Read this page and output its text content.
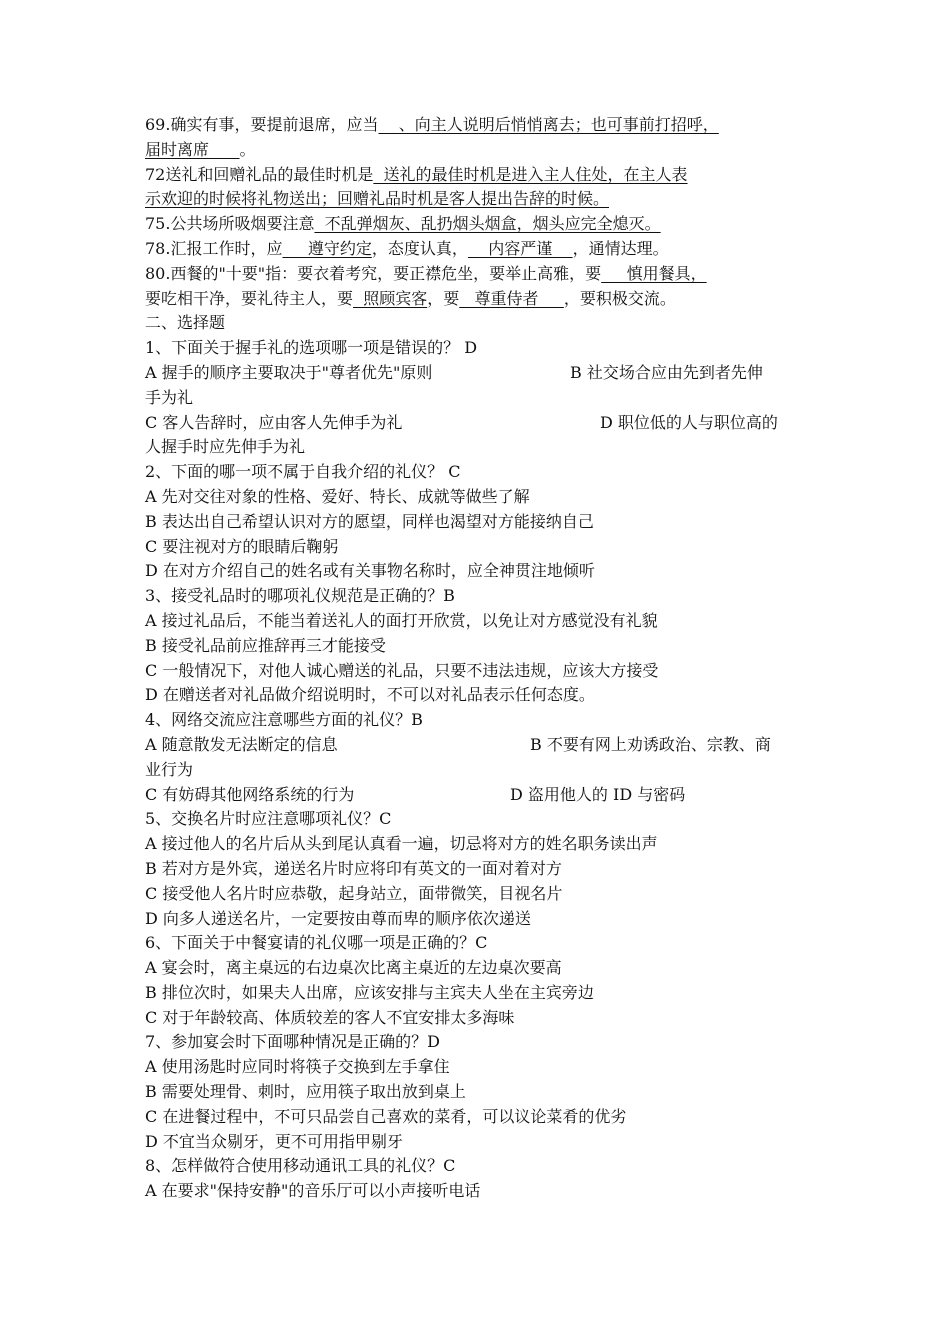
69.确实有事，要提前退席，应当 、向主人说明后悄悄离去；也可事前打招呼，
届时离席 。
72送礼和回赠礼品的最佳时机是 送礼的最佳时机是进入主人住处，在主人表
示欢迎的时候将礼物送出；回赠礼品时机是客人提出告辞的时候。
75.公共场所吸烟要注意 不乱弹烟灰、乱扔烟头烟盒，烟头应完全熄灭。
78.汇报工作时，应 遵守约定 ，态度认真， 内容严谨 ，通情达理。
80.西餐的"十要"指：要衣着考究，要正襟危坐，要举止高雅，要 慎用餐具，
要吃相干净，要礼待主人，要 照顾宾客 ，要 尊重侍者 ，要积极交流。
二、选择题
1、下面关于握手礼的选项哪一项是错误的？ D
A 握手的顺序主要取决于"尊者优先"原则	B 社交场合应由先到者先伸
手为礼
C 客人告辞时，应由客人先伸手为礼	D 职位低的人与职位高的
人握手时应先伸手为礼
2、下面的哪一项不属于自我介绍的礼仪？ C
A 先对交往对象的性格、爱好、特长、成就等做些了解
B 表达出自己希望认识对方的愿望，同样也渴望对方能接纳自己
C 要注视对方的眼睛后鞠躬
D 在对方介绍自己的姓名或有关事物名称时，应全神贯注地倾听
3、接受礼品时的哪项礼仪规范是正确的？B
A 接过礼品后，不能当着送礼人的面打开欣赏，以免让对方感觉没有礼貌
B 接受礼品前应推辞再三才能接受
C 一般情况下，对他人诚心赠送的礼品，只要不违法违规，应该大方接受
D 在赠送者对礼品做介绍说明时，不可以对礼品表示任何态度。
4、网络交流应注意哪些方面的礼仪？B
A 随意散发无法断定的信息	B 不要有网上劝诱政治、宗教、商
业行为
C 有妨碍其他网络系统的行为	D 盗用他人的 ID 与密码
5、交换名片时应注意哪项礼仪？C
A 接过他人的名片后从头到尾认真看一遍，切忌将对方的姓名职务读出声
B 若对方是外宾，递送名片时应将印有英文的一面对着对方
C 接受他人名片时应恭敬，起身站立，面带微笑，目视名片
D 向多人递送名片，一定要按由尊而卑的顺序依次递送
6、下面关于中餐宴请的礼仪哪一项是正确的？C
A 宴会时，离主桌远的右边桌次比离主桌近的左边桌次要高
B 排位次时，如果夫人出席，应该安排与主宾夫人坐在主宾旁边
C 对于年龄较高、体质较差的客人不宜安排太多海味
7、参加宴会时下面哪种情况是正确的？D
A 使用汤匙时应同时将筷子交换到左手拿住
B 需要处理骨、刺时，应用筷子取出放到桌上
C 在进餐过程中，不可只品尝自己喜欢的菜肴，可以议论菜肴的优劣
D 不宜当众剔牙，更不可用指甲剔牙
8、怎样做符合使用移动通讯工具的礼仪？C
A 在要求"保持安静"的音乐厅可以小声接听电话
